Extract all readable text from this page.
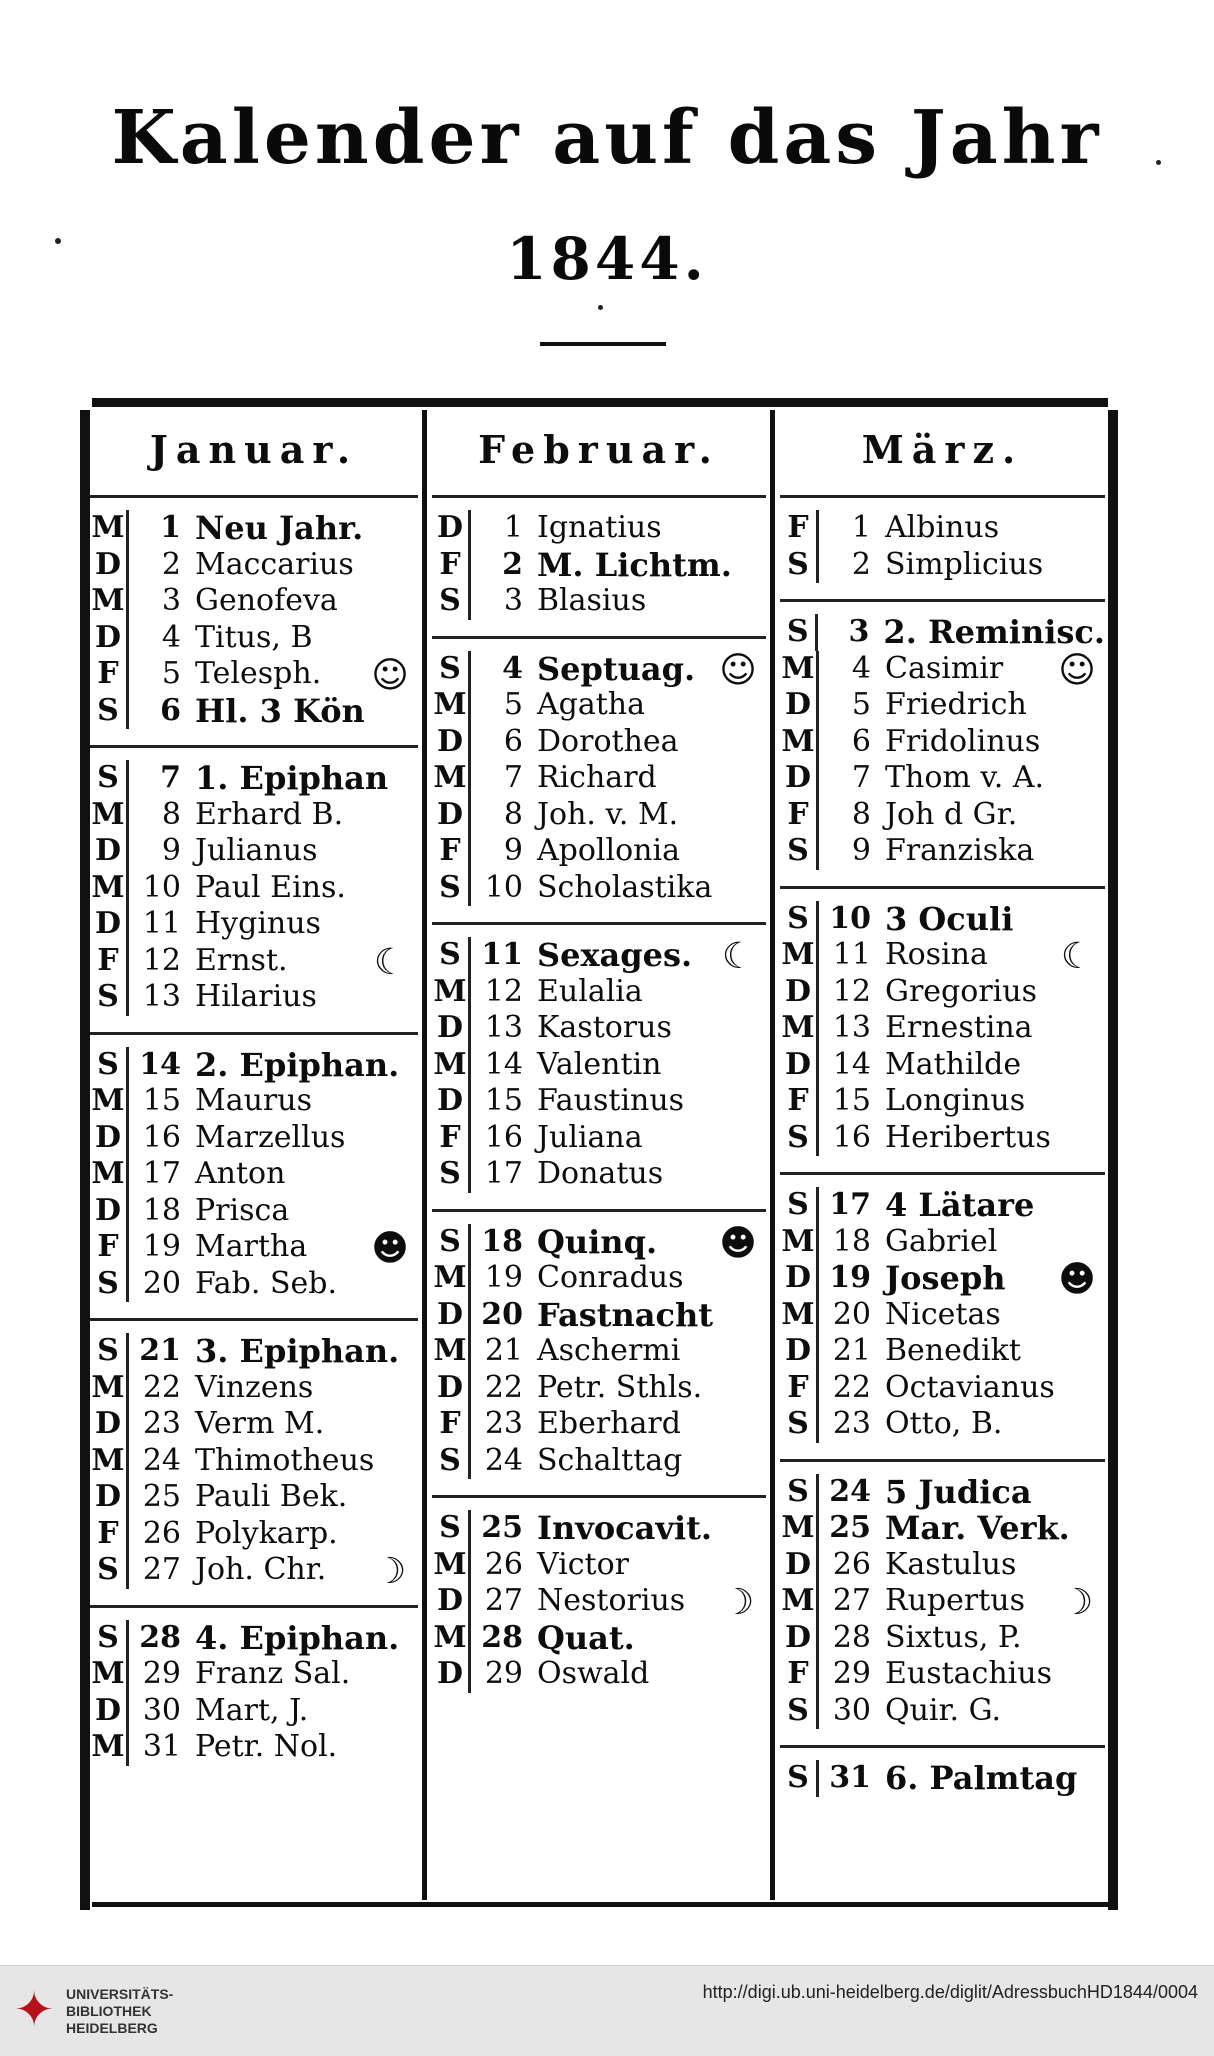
Kalender auf das Jahr
1844.
Januar.
M	1 Neu Jahr.
D	2 Maccarius
M	3 Genofeva
D	4 Titus, B
F	5 Telesph.	☺
S	6 Hl. 3 Kön
S	7 1. Epiphan
M	8 Erhard B.
D	9 Julianus
M 10 Paul Eins.
D 11 Hyginus
F 12 Ernst.	☾
S 13 Hilarius
S 14 2. Epiphan.
M 15 Maurus
D 16 Marzellus
M 17 Anton
D 18 Prisca
F 19 Martha	☻
S 20 Fab. Seb.
S 21 3. Epiphan.
M 22 Vinzens
D 23 Verm M.
M 24 Thimotheus
D 25 Pauli Bek.
F 26 Polykarp.
S 27 Joh. Chr.	☽
S 28 4. Epiphan.
M 29 Franz Sal.
D 30 Mart, J.
M 31 Petr. Nol.
Februar.
D	1 Ignatius
F	2 M. Lichtm.
S	3 Blasius
S	4 Septuag. ☺
M	5 Agatha
D	6 Dorothea
M	7 Richard
D	8 Joh. v. M.
F	9 Apollonia
S 10 Scholastika
S 11 Sexages. ☾
M 12 Eulalia
D 13 Kastorus
M 14 Valentin
D 15 Faustinus
F 16 Juliana
S 17 Donatus
S 18 Quinq.	☻
M 19 Conradus
D 20 Fastnacht
M 21 Aschermi
D 22 Petr. Sthls.
F 23 Eberhard
S 24 Schalttag
S 25 Invocavit.
M 26 Victor
D 27 Nestorius	☽
M 28 Quat.
D 29 Oswald
März.
F	1 Albinus
S	2 Simplicius
S	3 2. Reminisc.
M	4 Casimir	☺
D	5 Friedrich
M	6 Fridolinus
D	7 Thom v. A.
F	8 Joh d Gr.
S	9 Franziska
S 10 3 Oculi
M 11 Rosina	☾
D 12 Gregorius
M 13 Ernestina
D 14 Mathilde
F 15 Longinus
S 16 Heribertus
S 17 4 Lätare
M 18 Gabriel
D 19 Joseph	☻
M 20 Nicetas
D 21 Benedikt
F 22 Octavianus
S 23 Otto, B.
S 24 5 Judica
M 25 Mar. Verk.
D 26 Kastulus
M 27 Rupertus ☽
D 28 Sixtus, P.
F 29 Eustachius
S 30 Quir. G.
S 31 6. Palmtag
✦ UNIVERSITÄTS-
BIBLIOTHEK
HEIDELBERG
http://digi.ub.uni-heidelberg.de/diglit/AdressbuchHD1844/0004
